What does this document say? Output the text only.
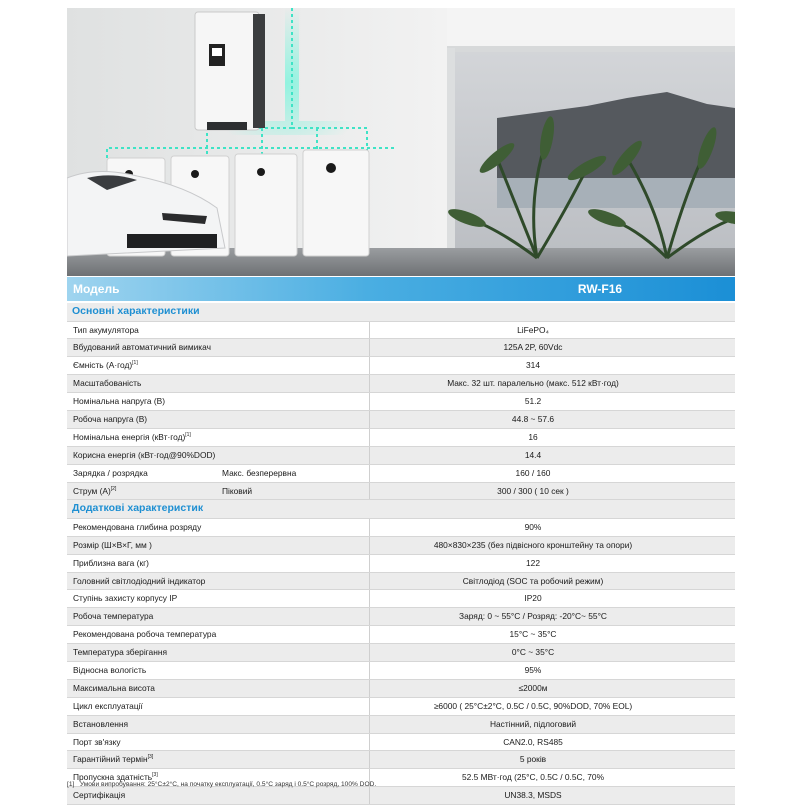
Модель	RW-F16
Основні характеристики
Тип акумулятора	LiFePO₄
Вбудований автоматичний вимикач	125A 2P, 60Vdc
Ємність (А·год)[1]	314
Масштабованість	Макс. 32 шт. паралельно (макс. 512 кВт·год)
Номінальна напруга (В)	51.2
Робоча напруга (В)	44.8 ~ 57.6
Номінальна енергія (кВт·год)[1]	16
Корисна енергія (кВт·год@90%DOD)	14.4
Зарядка / розрядка	Макс. безперервна	160 / 160
Струм (А)[2]	Піковий	300 / 300 ( 10 сек )
Додаткові характеристик
Рекомендована глибина розряду	90%
Розмір (Ш×В×Г, мм )	480×830×235 (без підвісного кронштейну та опори)
Приблизна вага (кг)	122
Головний світлодіодний індикатор	Світлодіод (SOC та робочий режим)
Ступінь захисту корпусу IP	IP20
Робоча температура	Заряд: 0 ~ 55°C / Розряд: -20°C~ 55°C
Рекомендована робоча температура	15°C ~ 35°C
Температура зберігання	0°C ~ 35°C
Відносна вологість	95%
Максимальна висота	≤2000м
Цикл експлуатації	≥6000 ( 25°C±2°C, 0.5C / 0.5C, 90%DOD, 70% EOL)
Встановлення	Настінний, підлоговий
Порт зв'язку	CAN2.0, RS485
Гарантійний термін[3]	5 років
Пропускна здатність[3]	52.5 МВт·год (25°C, 0.5C / 0.5C, 70%
Сертифікація	UN38.3, MSDS
[1] Умови випробування: 25°C±2°C, на початку експлуатації, 0.5°C заряд і 0.5°C розряд, 100% DOD.
